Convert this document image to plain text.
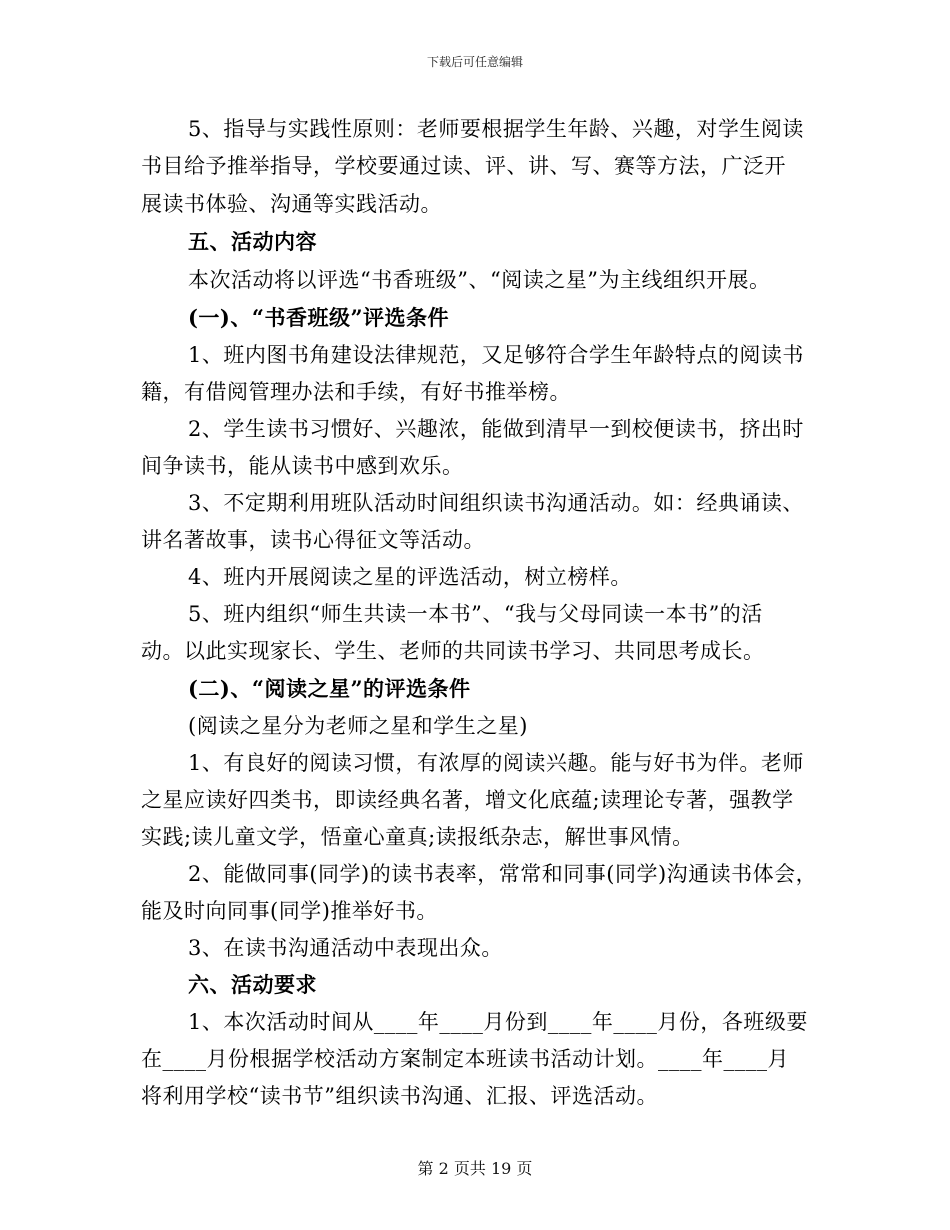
下载后可任意编辑
5、指导与实践性原则：老师要根据学生年龄、兴趣，对学生阅读
书目给予推举指导，学校要通过读、评、讲、写、赛等方法，广泛开
展读书体验、沟通等实践活动。
五、活动内容
本次活动将以评选“书香班级”、“阅读之星”为主线组织开展。
(一)、“书香班级”评选条件
1、班内图书角建设法律规范，又足够符合学生年龄特点的阅读书
籍，有借阅管理办法和手续，有好书推举榜。
2、学生读书习惯好、兴趣浓，能做到清早一到校便读书，挤出时
间争读书，能从读书中感到欢乐。
3、不定期利用班队活动时间组织读书沟通活动。如：经典诵读、
讲名著故事，读书心得征文等活动。
4、班内开展阅读之星的评选活动，树立榜样。
5、班内组织“师生共读一本书”、“我与父母同读一本书”的活
动。以此实现家长、学生、老师的共同读书学习、共同思考成长。
(二)、“阅读之星”的评选条件
(阅读之星分为老师之星和学生之星)
1、有良好的阅读习惯，有浓厚的阅读兴趣。能与好书为伴。老师
之星应读好四类书，即读经典名著，增文化底蕴;读理论专著，强教学
实践;读儿童文学，悟童心童真;读报纸杂志，解世事风情。
2、能做同事(同学)的读书表率，常常和同事(同学)沟通读书体会，
能及时向同事(同学)推举好书。
3、在读书沟通活动中表现出众。
六、活动要求
1、本次活动时间从____年____月份到____年____月份，各班级要
在____月份根据学校活动方案制定本班读书活动计划。____年____月
将利用学校“读书节”组织读书沟通、汇报、评选活动。
第 2 页共 19 页
